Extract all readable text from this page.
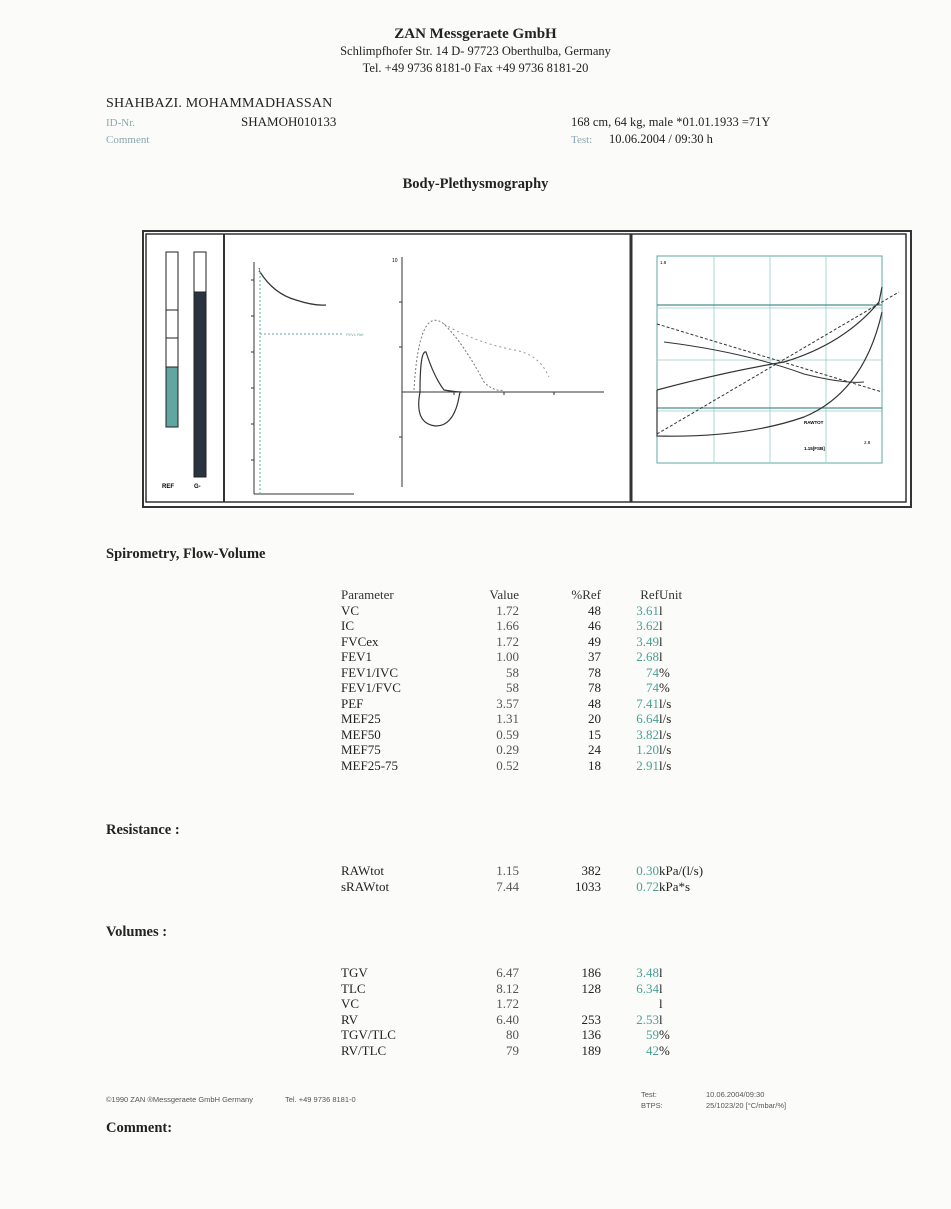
ZAN Messgeraete GmbH
Schlimpfhofer Str. 14 D- 97723 Oberthulba, Germany
Tel. +49 9736 8181-0 Fax +49 9736 8181-20
SHAHBAZI. MOHAMMADHASSAN
ID-Nr.	SHAMOH010133
Comment
168 cm, 64 kg, male *01.01.1933 =71Y
Test: 10.06.2004 / 09:30 h
Body-Plethysmography
REF	G-
FEV1 Ref
1
10	1.8
2.8
RAWTOT
1.15[FSB]
Spirometry, Flow-Volume
Parameter	Value	%Ref	Ref	Unit
VC	1.72	48	3.61	l
IC	1.66	46	3.62	l
FVCex	1.72	49	3.49	l
FEV1	1.00	37	2.68	l
FEV1/IVC	58	78	74	%
FEV1/FVC	58	78	74	%
PEF	3.57	48	7.41	l/s
MEF25	1.31	20	6.64	l/s
MEF50	0.59	15	3.82	l/s
MEF75	0.29	24	1.20	l/s
MEF25-75	0.52	18	2.91	l/s
Resistance :
RAWtot	1.15	382	0.30	kPa/(l/s)
sRAWtot	7.44	1033	0.72	kPa*s
Volumes :
TGV	6.47	186	3.48	l
TLC	8.12	128	6.34	l
VC	1.72			l
RV	6.40	253	2.53	l
TGV/TLC	80	136	59	%
RV/TLC	79	189	42	%
©1990 ZAN ®Messgeraete GmbH Germany	Tel. +49 9736 8181-0
Test:	10.06.2004/09:30
BTPS:	25/1023/20 [°C/mbar/%]
Comment:
